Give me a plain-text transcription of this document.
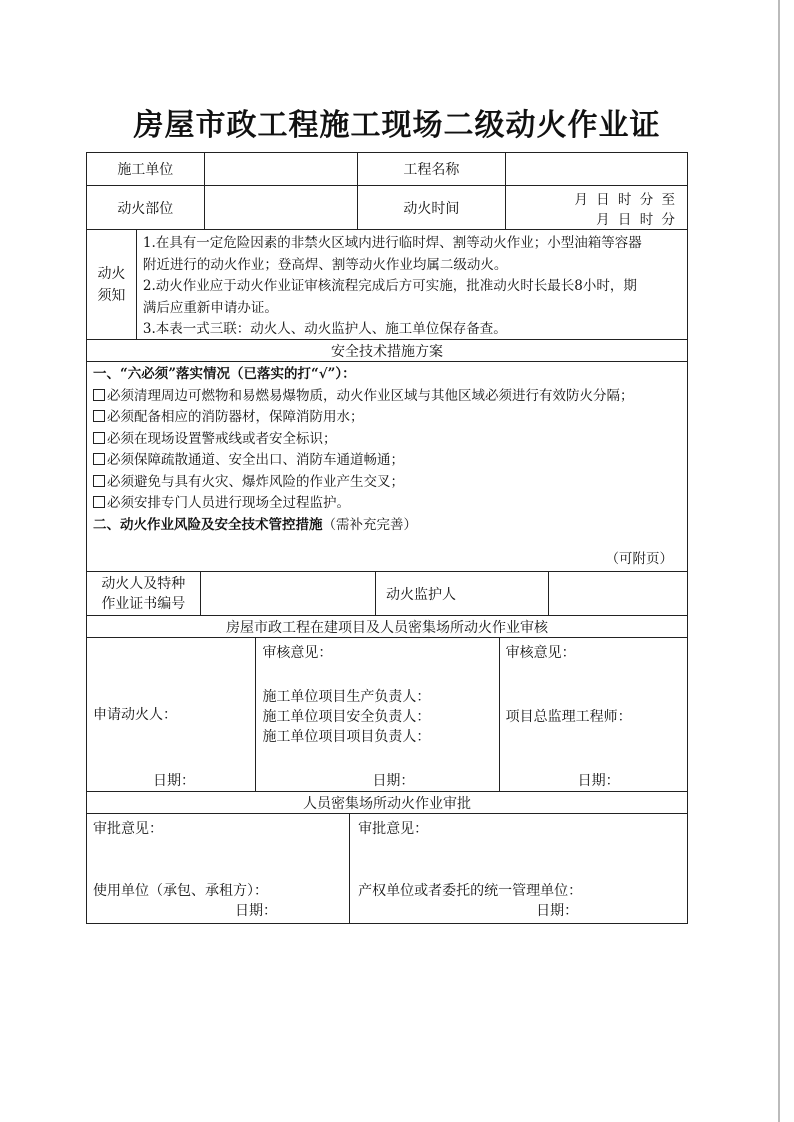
房屋市政工程施工现场二级动火作业证
施工单位	工程名称
动火部位	动火时间
月 日 时 分 至
月 日 时 分
动火
须知
1.在具有一定危险因素的非禁火区域内进行临时焊、割等动火作业；小型油箱等容器
附近进行的动火作业；登高焊、割等动火作业均属二级动火。
2.动火作业应于动火作业证审核流程完成后方可实施，批准动火时长最长8小时，期
满后应重新申请办证。
3.本表一式三联：动火人、动火监护人、施工单位保存备查。
安全技术措施方案
一、“六必须”落实情况（已落实的打“√”）：
必须清理周边可燃物和易燃易爆物质，动火作业区域与其他区域必须进行有效防火分隔；
必须配备相应的消防器材，保障消防用水；
必须在现场设置警戒线或者安全标识；
必须保障疏散通道、安全出口、消防车通道畅通；
必须避免与具有火灾、爆炸风险的作业产生交叉；
必须安排专门人员进行现场全过程监护。
二、动火作业风险及安全技术管控措施（需补充完善）
（可附页）
动火人及特种
作业证书编号
动火监护人
房屋市政工程在建项目及人员密集场所动火作业审核
申请动火人：
日期：
审核意见：
施工单位项目生产负责人：
施工单位项目安全负责人：
施工单位项目项目负责人：
日期：
审核意见：
项目总监理工程师：
日期：
人员密集场所动火作业审批
审批意见：
使用单位（承包、承租方）：
日期：
审批意见：
产权单位或者委托的统一管理单位：
日期：
